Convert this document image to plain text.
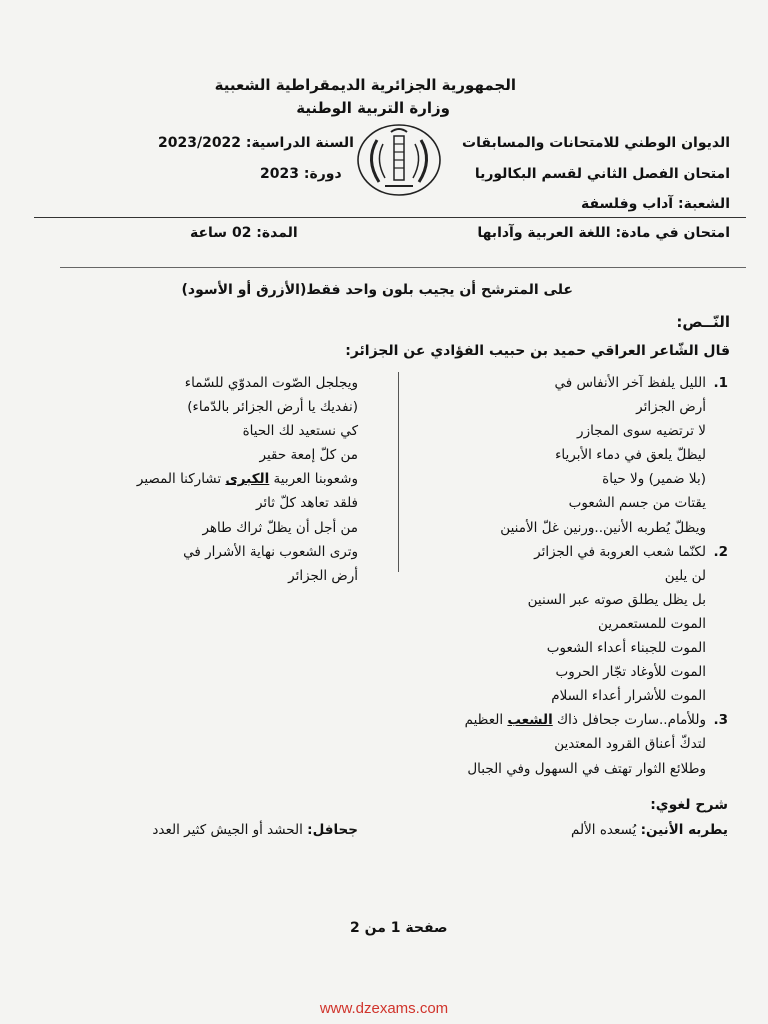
الجمهورية الجزائرية الديمقراطية الشعبية
وزارة التربية الوطنية
الديوان الوطني للامتحانات والمسابقات
امتحان الفصل الثاني لقسم البكالوريا
الشعبة: آداب وفلسفة
السنة الدراسية: 2023/2022
دورة: 2023
امتحان في مادة: اللغة العربية وآدابها
المدة: 02 ساعة
على المترشح أن يجيب بلون واحد فقط(الأزرق أو الأسود)
النّــص:
قال الشّاعر العراقي حميد بن حبيب الفؤادي عن الجزائر:
1.الليل يلفظ آخر الأنفاس في
أرض الجزائر
لا ترتضيه سوى المجازر
ليظلّ يلعق في دماء الأبرياء
(بلا ضمير) ولا حياة
يقتات من جسم الشعوب
ويظلّ يُطربه الأنين..ورنين غلّ الأمنين
2.لكنّما شعب العروبة في الجزائر
لن يلين
بل يظل يطلق صوته عبر السنين
الموت للمستعمرين
الموت للجبناء أعداء الشعوب
الموت للأوغاد تجّار الحروب
الموت للأشرار أعداء السلام
3.وللأمام..سارت جحافل ذاك الشعب العظيم
لتدكّ أعناق القرود المعتدين
وطلائع الثوار تهتف في السهول وفي الجبال
ويجلجل الصّوت المدوّي للسّماء
(نفديك يا أرض الجزائر بالدّماء)
كي نستعيد لك الحياة
من كلّ إمعة حقير
وشعوبنا العربية الكبرى تشاركنا المصير
فلقد تعاهد كلّ ثائر
من أجل أن يظلّ ثراك طاهر
وترى الشعوب نهاية الأشرار في
أرض الجزائر
شرح لغوي:
يطربه الأنين: يُسعده الألم
جحافل: الحشد أو الجيش كثير العدد
صفحة 1 من 2
www.dzexams.com
